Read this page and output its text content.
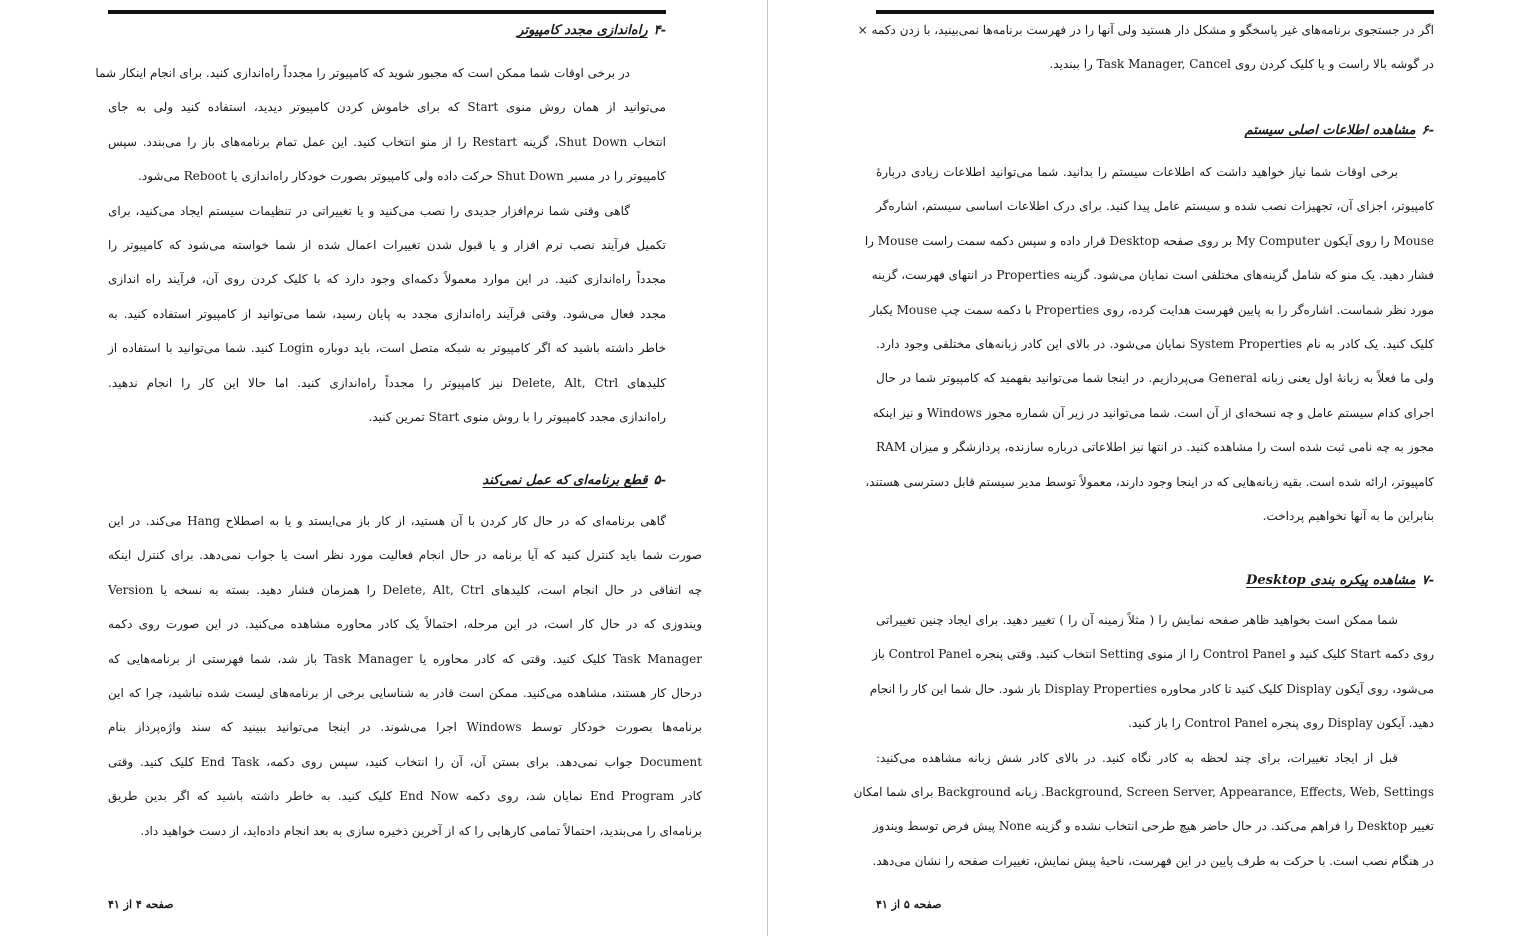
-۴راه‌اندازی مجدد کامپیوتر
در برخی اوقات شما ممکن است که مجبور شوید که کامپیوتر را مجدداً راه‌اندازی کنید. برای انجام اینکار شما
می‌توانید از همان روش منوی Start که برای خاموش کردن کامپیوتر دیدید، استفاده کنید ولی به جای
انتخاب Shut Down، گزینه Restart را از منو انتخاب کنید. این عمل تمام برنامه‌های باز را می‌بندد. سپس
کامپیوتر را در مسیر Shut Down حرکت داده ولی کامپیوتر بصورت خودکار راه‌اندازی یا Reboot می‌شود.
گاهی وقتی شما نرم‌افزار جدیدی را نصب می‌کنید و یا تغییراتی در تنظیمات سیستم ایجاد می‌کنید، برای
تکمیل فرآیند نصب نرم افزار و یا قبول شدن تغییرات اعمال شده از شما خواسته می‌شود که کامپیوتر را
مجدداً راه‌اندازی کنید. در این موارد معمولاً دکمه‌ای وجود دارد که با کلیک کردن روی آن، فرآیند راه اندازی
مجدد فعال می‌شود. وقتی فرآیند راه‌اندازی مجدد به پایان رسید، شما می‌توانید از کامپیوتر استفاده کنید. به
خاطر داشته باشید که اگر کامپیوتر به شبکه متصل است، باید دوباره Login کنید. شما می‌توانید با استفاده از
کلیدهای Delete, Alt, Ctrl نیز کامپیوتر را مجدداً راه‌اندازی کنید. اما حالا این کار را انجام ندهید.
راه‌اندازی مجدد کامپیوتر را با روش منوی Start تمرین کنید.
-۵قطع برنامه‌ای که عمل نمی‌کند
گاهی برنامه‌ای که در حال کار کردن با آن هستید، از کار باز می‌ایستد و یا به اصطلاح Hang می‌کند. در این
صورت شما باید کنترل کنید که آیا برنامه در حال انجام فعالیت مورد نظر است یا جواب نمی‌دهد. برای کنترل اینکه
چه اتفاقی در حال انجام است، کلیدهای Delete, Alt, Ctrl را همزمان فشار دهید. بسته به نسخه یا Version
ویندوزی که در حال کار است، در این مرحله، احتمالاً یک کادر محاوره مشاهده می‌کنید. در این صورت روی دکمه
Task Manager کلیک کنید. وقتی که کادر محاوره یا Task Manager باز شد، شما فهرستی از برنامه‌هایی که
درحال کار هستند، مشاهده می‌کنید. ممکن است قادر به شناسایی برخی از برنامه‌های لیست شده نباشید، چرا که این
برنامه‌ها بصورت خودکار توسط Windows اجرا می‌شوند. در اینجا می‌توانید ببینید که سند واژه‌پرداز بنام
Document جواب نمی‌دهد. برای بستن آن، آن را انتخاب کنید، سپس روی دکمه، End Task کلیک کنید. وقتی
کادر End Program نمایان شد، روی دکمه End Now کلیک کنید. به خاطر داشته باشید که اگر بدین طریق
برنامه‌ای را می‌بندید، احتمالاً تمامی کارهایی را که از آخرین ذخیره سازی به بعد انجام داده‌اید، از دست خواهید داد.
صفحه ۴ از ۴۱
اگر در جستجوی برنامه‌های غیر پاسخگو و مشکل دار هستید ولی آنها را در فهرست برنامه‌ها نمی‌بینید، با زدن دکمه ×
در گوشه بالا راست و یا کلیک کردن روی Task Manager, Cancel را ببندید.
-۶مشاهده اطلاعات اصلی سیستم
برخی اوقات شما نیاز خواهید داشت که اطلاعات سیستم را بدانید. شما می‌توانید اطلاعات زیادی دربارهٔ
کامپیوتر، اجزای آن، تجهیزات نصب شده و سیستم عامل پیدا کنید. برای درک اطلاعات اساسی سیستم، اشاره‌گر
Mouse را روی آیکون My Computer بر روی صفحه Desktop قرار داده و سپس دکمه سمت راست Mouse را
فشار دهید. یک منو که شامل گزینه‌های مختلفی است نمایان می‌شود. گزینه Properties در انتهای فهرست، گزینه
مورد نظر شماست. اشاره‌گر را به پایین فهرست هدایت کرده، روی Properties با دکمه سمت چپ Mouse یکبار
کلیک کنید. یک کادر به نام System Properties نمایان می‌شود. در بالای این کادر زبانه‌های مختلفی وجود دارد.
ولی ما فعلاً به زبانهٔ اول یعنی زبانه General می‌پردازیم. در اینجا شما می‌توانید بفهمید که کامپیوتر شما در حال
اجرای کدام سیستم عامل و چه نسخه‌ای از آن است. شما می‌توانید در زیر آن شماره مجوز Windows و نیز اینکه
مجوز به چه نامی ثبت شده است را مشاهده کنید. در انتها نیز اطلاعاتی درباره سازنده، پردازشگر و میزان RAM
کامپیوتر، ارائه شده است. بقیه زبانه‌هایی که در اینجا وجود دارند، معمولاً توسط مدیر سیستم قابل دسترسی هستند،
بنابراین ما به آنها نخواهیم پرداخت.
-۷مشاهده پیکره بندی Desktop
شما ممکن است بخواهید ظاهر صفحه نمایش را ( مثلاً زمینه آن را ) تغییر دهید. برای ایجاد چنین تغییراتی
روی دکمه Start کلیک کنید و Control Panel را از منوی Setting انتخاب کنید. وقتی پنجره Control Panel باز
می‌شود، روی آیکون Display کلیک کنید تا کادر محاوره Display Properties باز شود. حال شما این کار را انجام
دهید. آیکون Display روی پنجره Control Panel را باز کنید.
قبل از ایجاد تغییرات، برای چند لحظه به کادر نگاه کنید. در بالای کادر شش زبانه مشاهده می‌کنید:
Background, Screen Server, Appearance, Effects, Web, Settings. زبانه Background برای شما امکان
تغییر Desktop را فراهم می‌کند. در حال حاضر هیچ طرحی انتخاب نشده و گزینه None پیش فرض توسط ویندوز
در هنگام نصب است. با حرکت به طرف پایین در این فهرست، ناحیهٔ پیش نمایش، تغییرات صفحه را نشان می‌دهد.
صفحه ۵ از ۴۱
